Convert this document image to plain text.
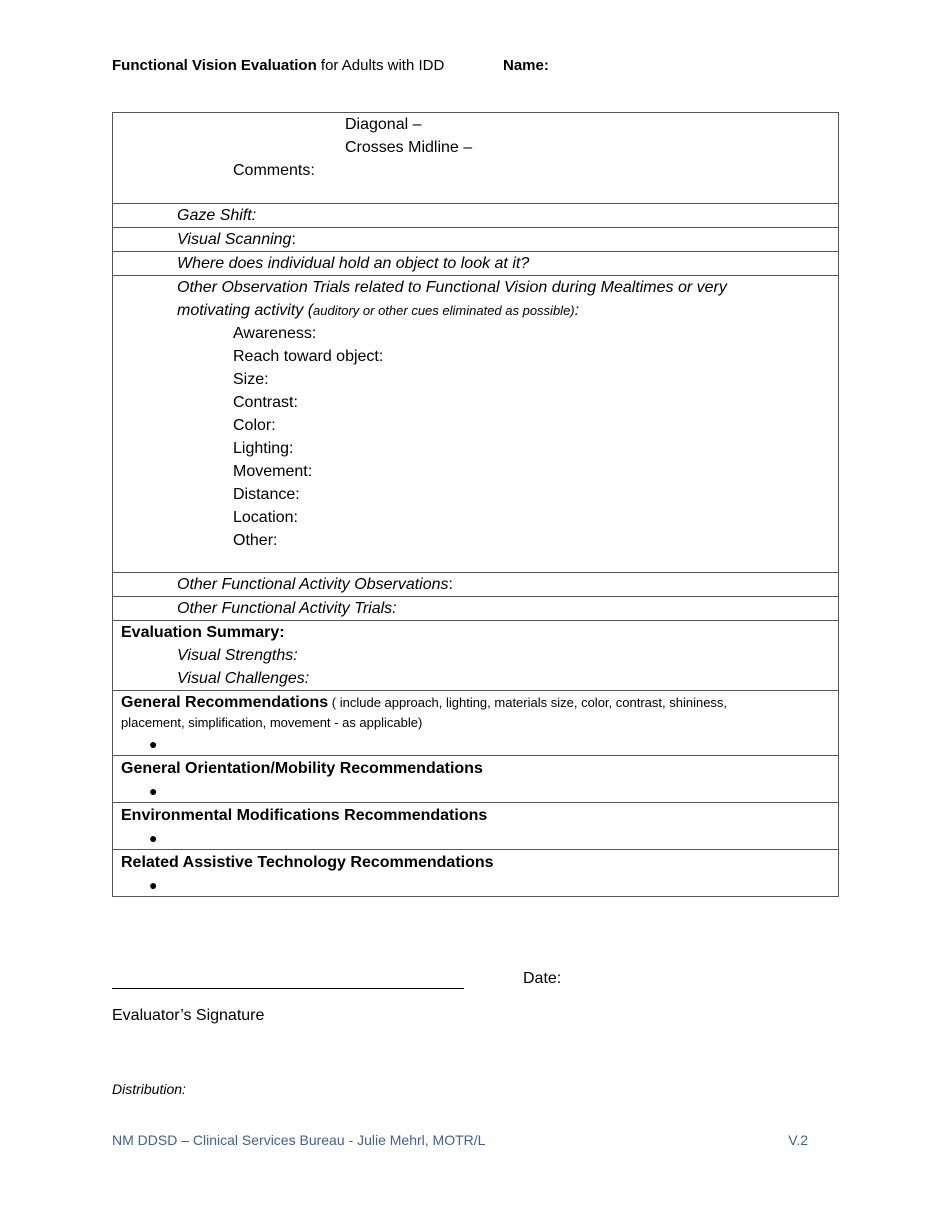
Functional Vision Evaluation for Adults with IDD	Name:
Diagonal –
Crosses Midline –
Comments:

Gaze Shift:

Visual Scanning:

Where does individual hold an object to look at it?

Other Observation Trials related to Functional Vision during Mealtimes or very
motivating activity (auditory or other cues eliminated as possible):
Awareness:
Reach toward object:
Size:
Contrast:
Color:
Lighting:
Movement:
Distance:
Location:
Other:

Other Functional Activity Observations:

Other Functional Activity Trials:

Evaluation Summary:
Visual Strengths:
Visual Challenges:

General Recommendations ( include approach, lighting, materials size, color, contrast, shininess,
placement, simplification, movement - as applicable)
●

General Orientation/Mobility Recommendations
●

Environmental Modifications Recommendations
●

Related Assistive Technology Recommendations
●
Date:
Evaluator’s Signature
Distribution:
NM DDSD – Clinical Services Bureau - Julie Mehrl, MOTR/L	V.2
